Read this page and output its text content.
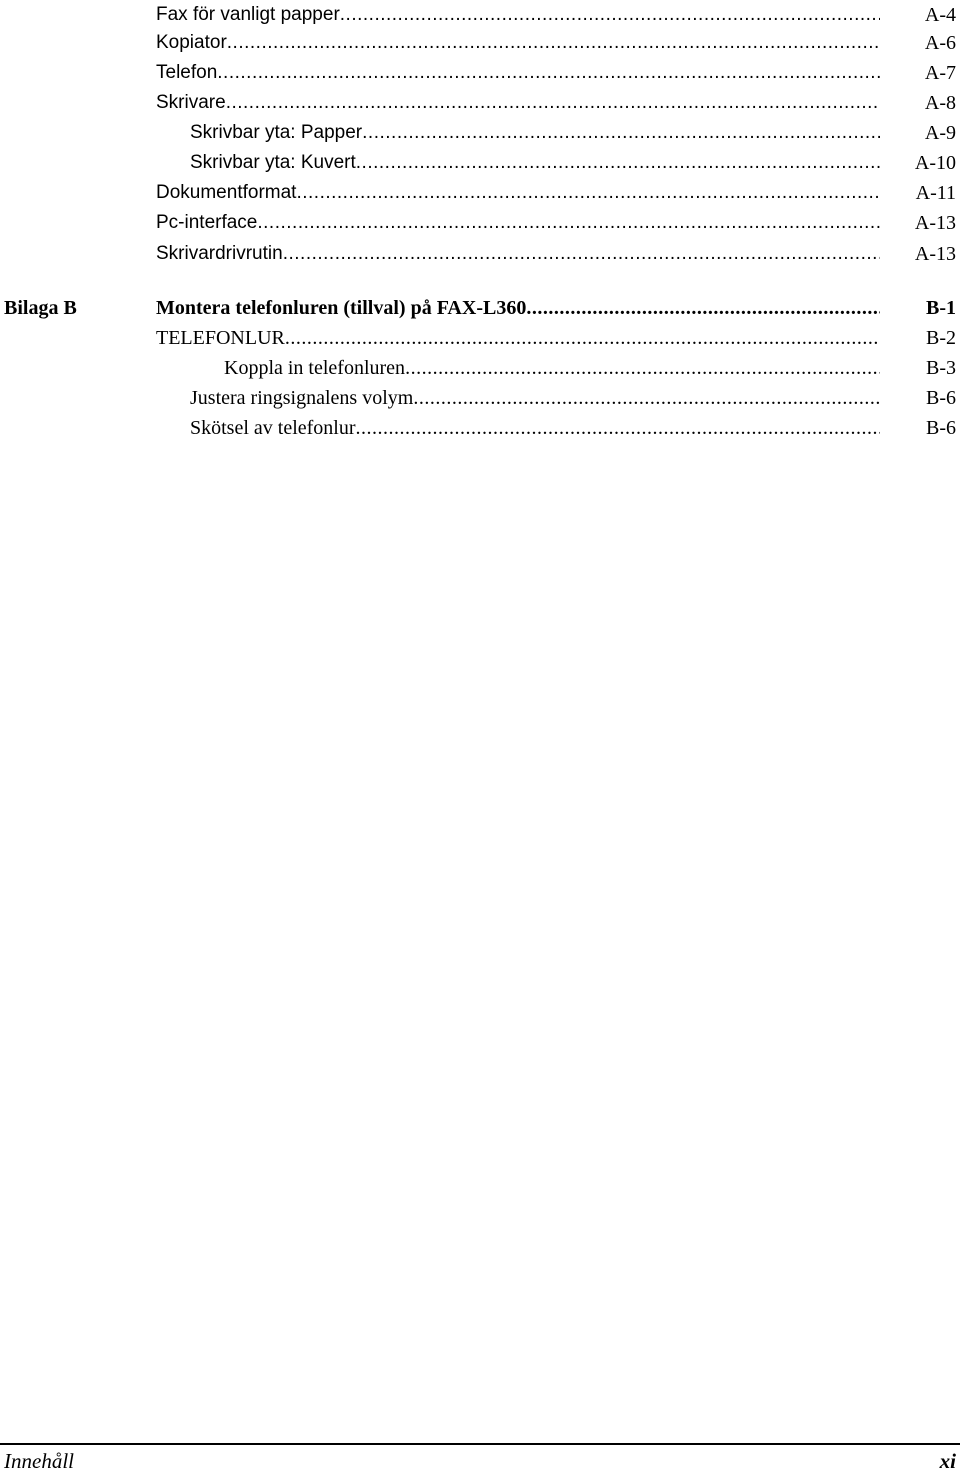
Fax för vanligt papper .....	A-4
Kopiator .....	A-6
Telefon .....	A-7
Skrivare .....	A-8
Skrivbar yta: Papper .....	A-9
Skrivbar yta: Kuvert .....	A-10
Dokumentformat .....	A-11
Pc-interface .....	A-13
Skrivardrivrutin .....	A-13
Bilaga B	Montera telefonluren (tillval) på FAX-L360 .....	B-1
TELEFONLUR .....	B-2
Koppla in telefonluren .....	B-3
Justera ringsignalens volym .....	B-6
Skötsel av telefonlur .....	B-6
Innehåll	xi
